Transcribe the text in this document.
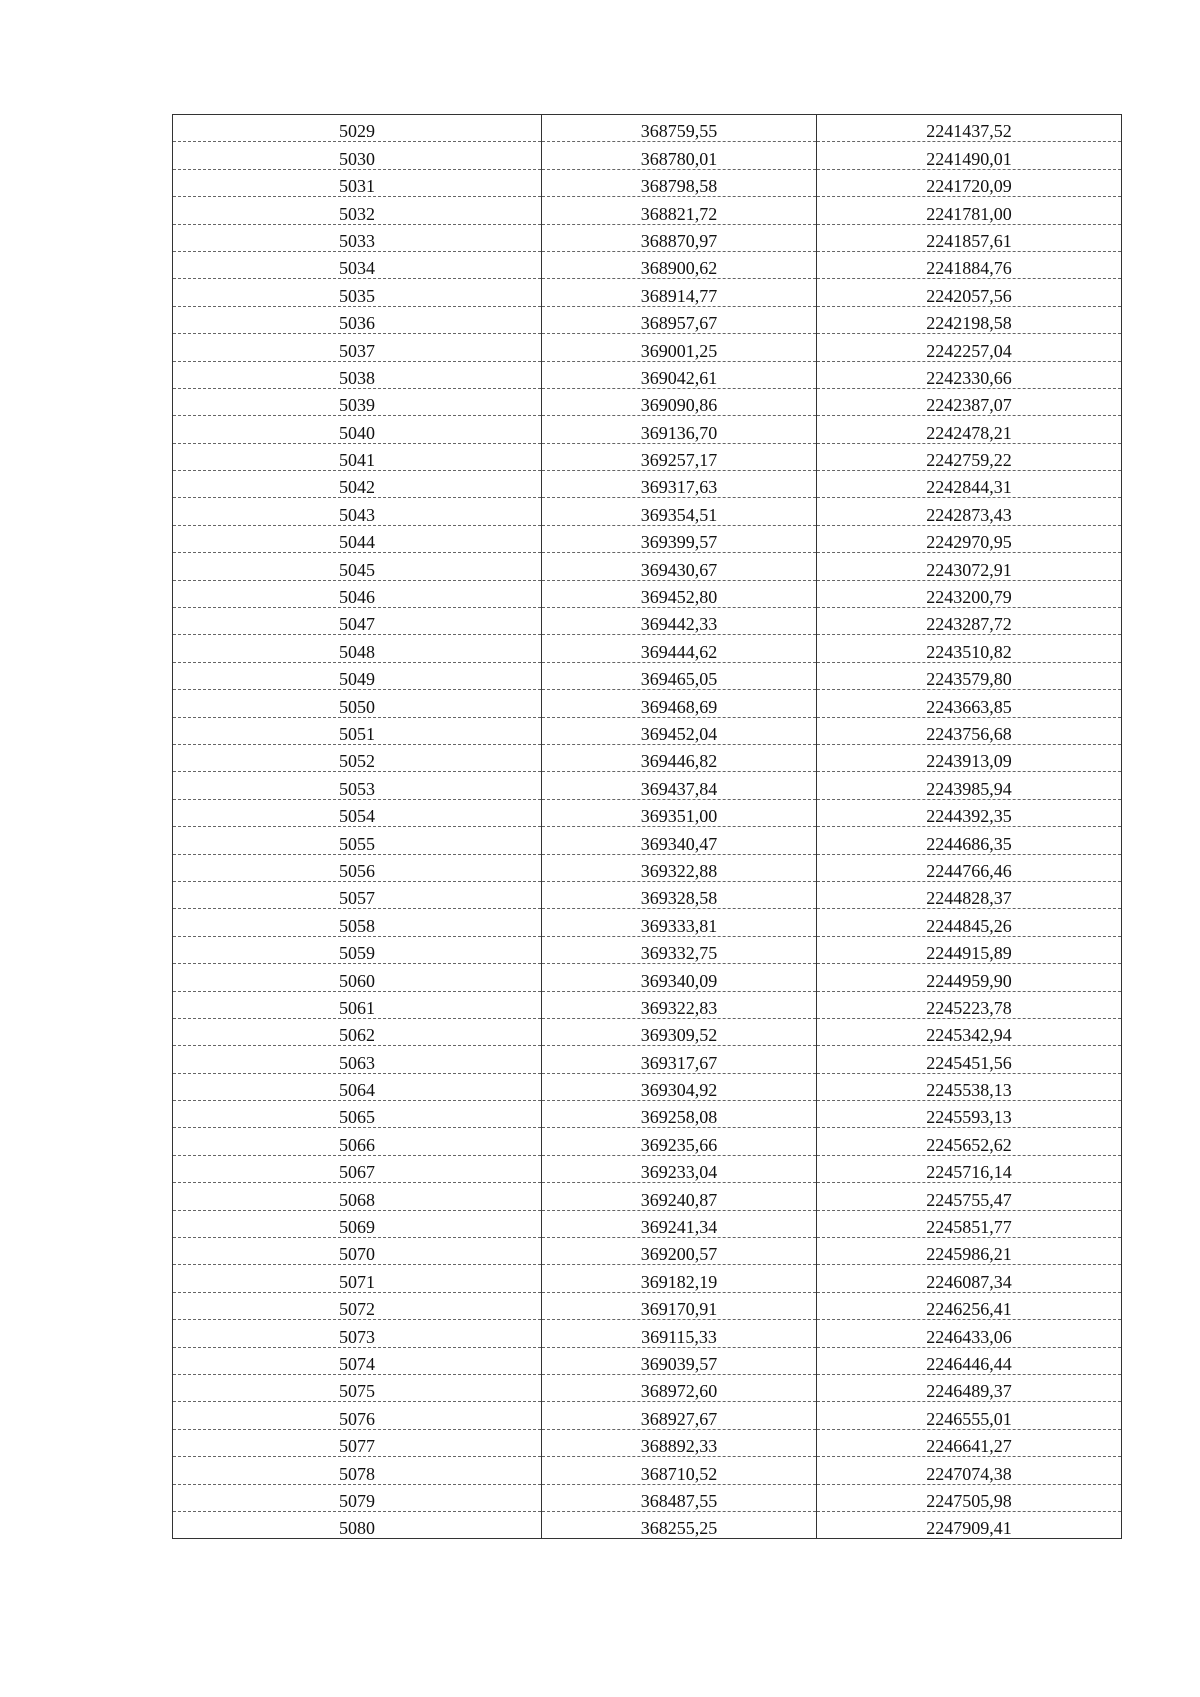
5029	368759,55	2241437,52
5030	368780,01	2241490,01
5031	368798,58	2241720,09
5032	368821,72	2241781,00
5033	368870,97	2241857,61
5034	368900,62	2241884,76
5035	368914,77	2242057,56
5036	368957,67	2242198,58
5037	369001,25	2242257,04
5038	369042,61	2242330,66
5039	369090,86	2242387,07
5040	369136,70	2242478,21
5041	369257,17	2242759,22
5042	369317,63	2242844,31
5043	369354,51	2242873,43
5044	369399,57	2242970,95
5045	369430,67	2243072,91
5046	369452,80	2243200,79
5047	369442,33	2243287,72
5048	369444,62	2243510,82
5049	369465,05	2243579,80
5050	369468,69	2243663,85
5051	369452,04	2243756,68
5052	369446,82	2243913,09
5053	369437,84	2243985,94
5054	369351,00	2244392,35
5055	369340,47	2244686,35
5056	369322,88	2244766,46
5057	369328,58	2244828,37
5058	369333,81	2244845,26
5059	369332,75	2244915,89
5060	369340,09	2244959,90
5061	369322,83	2245223,78
5062	369309,52	2245342,94
5063	369317,67	2245451,56
5064	369304,92	2245538,13
5065	369258,08	2245593,13
5066	369235,66	2245652,62
5067	369233,04	2245716,14
5068	369240,87	2245755,47
5069	369241,34	2245851,77
5070	369200,57	2245986,21
5071	369182,19	2246087,34
5072	369170,91	2246256,41
5073	369115,33	2246433,06
5074	369039,57	2246446,44
5075	368972,60	2246489,37
5076	368927,67	2246555,01
5077	368892,33	2246641,27
5078	368710,52	2247074,38
5079	368487,55	2247505,98
5080	368255,25	2247909,41
